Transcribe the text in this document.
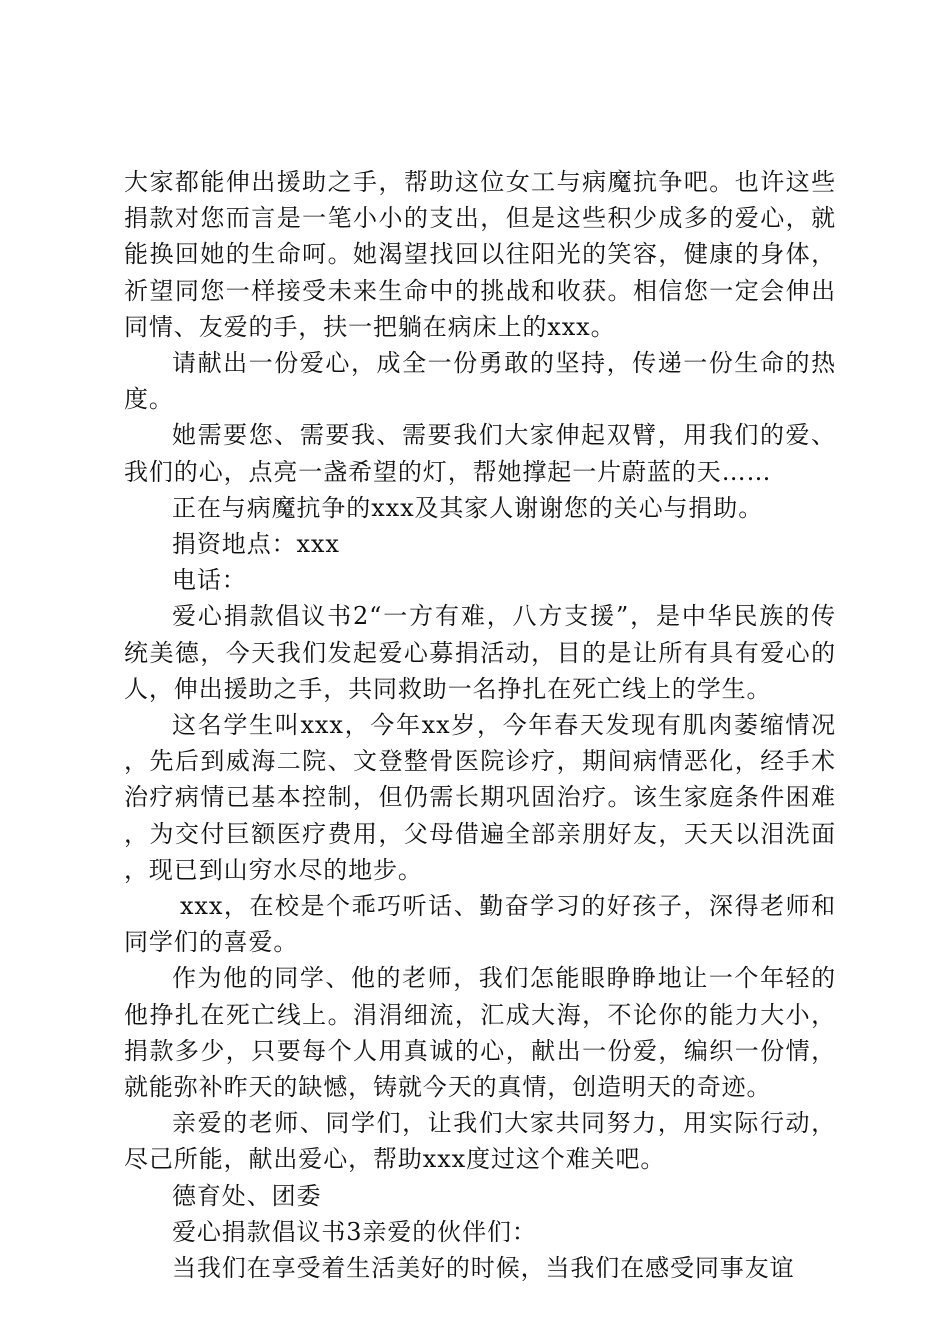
大家都能伸出援助之手，帮助这位女工与病魔抗争吧。也许这些捐款对您而言是一笔小小的支出，但是这些积少成多的爱心，就能换回她的生命呵。她渴望找回以往阳光的笑容，健康的身体，祈望同您一样接受未来生命中的挑战和收获。相信您一定会伸出同情、友爱的手，扶一把躺在病床上的xxx。

请献出一份爱心，成全一份勇敢的坚持，传递一份生命的热度。

她需要您、需要我、需要我们大家伸起双臂，用我们的爱、我们的心，点亮一盏希望的灯，帮她撑起一片蔚蓝的天……

正在与病魔抗争的xxx及其家人谢谢您的关心与捐助。

捐资地点：xxx

电话：

爱心捐款倡议书2“一方有难，八方支援”，是中华民族的传统美德，今天我们发起爱心募捐活动，目的是让所有具有爱心的人，伸出援助之手，共同救助一名挣扎在死亡线上的学生。

这名学生叫xxx，今年xx岁，今年春天发现有肌肉萎缩情况，先后到威海二院、文登整骨医院诊疗，期间病情恶化，经手术治疗病情已基本控制，但仍需长期巩固治疗。该生家庭条件困难，为交付巨额医疗费用，父母借遍全部亲朋好友，天天以泪洗面，现已到山穷水尽的地步。

xxx，在校是个乖巧听话、勤奋学习的好孩子，深得老师和同学们的喜爱。

作为他的同学、他的老师，我们怎能眼睁睁地让一个年轻的他挣扎在死亡线上。涓涓细流，汇成大海，不论你的能力大小，捐款多少，只要每个人用真诚的心，献出一份爱，编织一份情，就能弥补昨天的缺憾，铸就今天的真情，创造明天的奇迹。

亲爱的老师、同学们，让我们大家共同努力，用实际行动，尽己所能，献出爱心，帮助xxx度过这个难关吧。

德育处、团委

爱心捐款倡议书3亲爱的伙伴们：

当我们在享受着生活美好的时候，当我们在感受同事友谊
